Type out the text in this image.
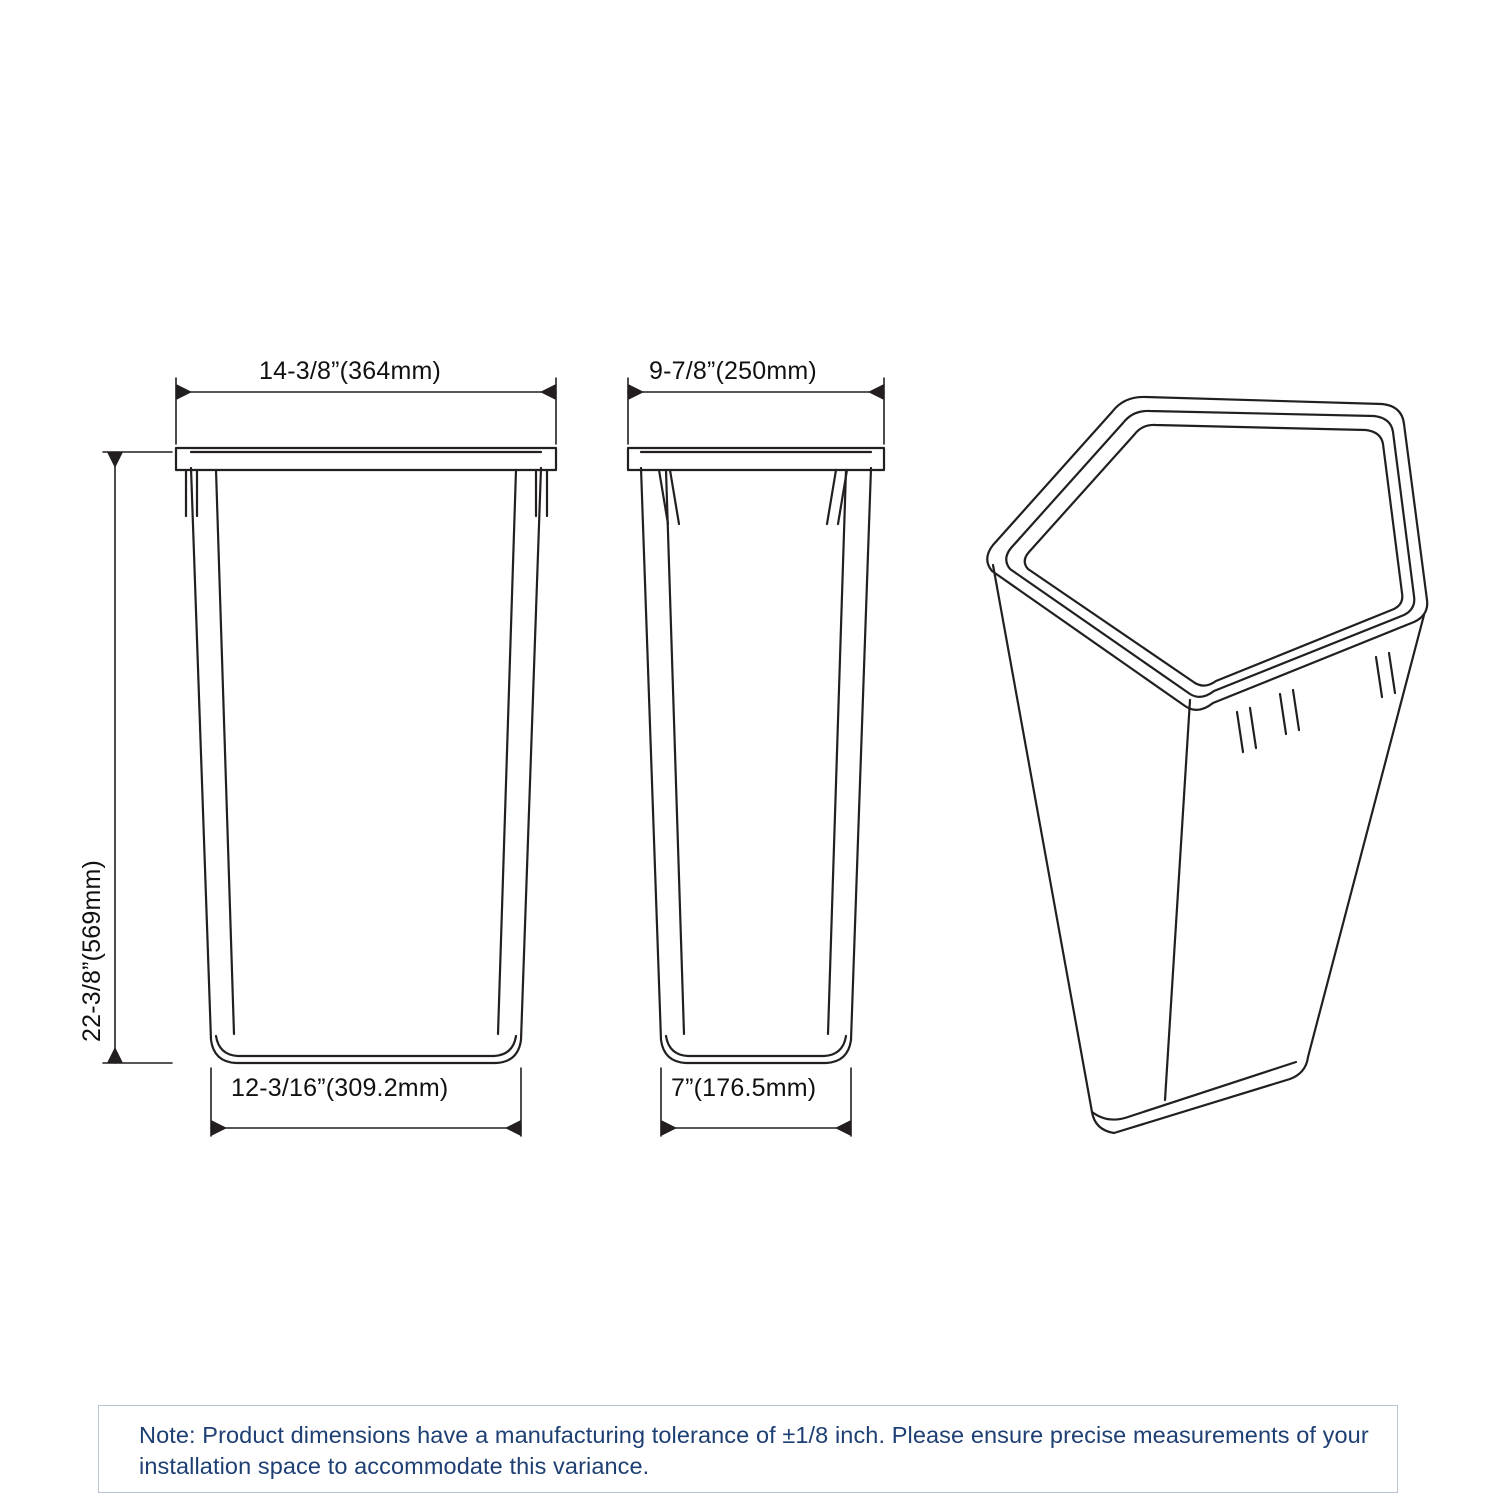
14-3/8”(364mm)	9-7/8”(250mm)
12-3/16”(309.2mm)	7”(176.5mm)
22-3/8”(569mm)
Note: Product dimensions have a manufacturing tolerance of ±1/8 inch. Please ensure precise measurements of your installation space to accommodate this variance.
